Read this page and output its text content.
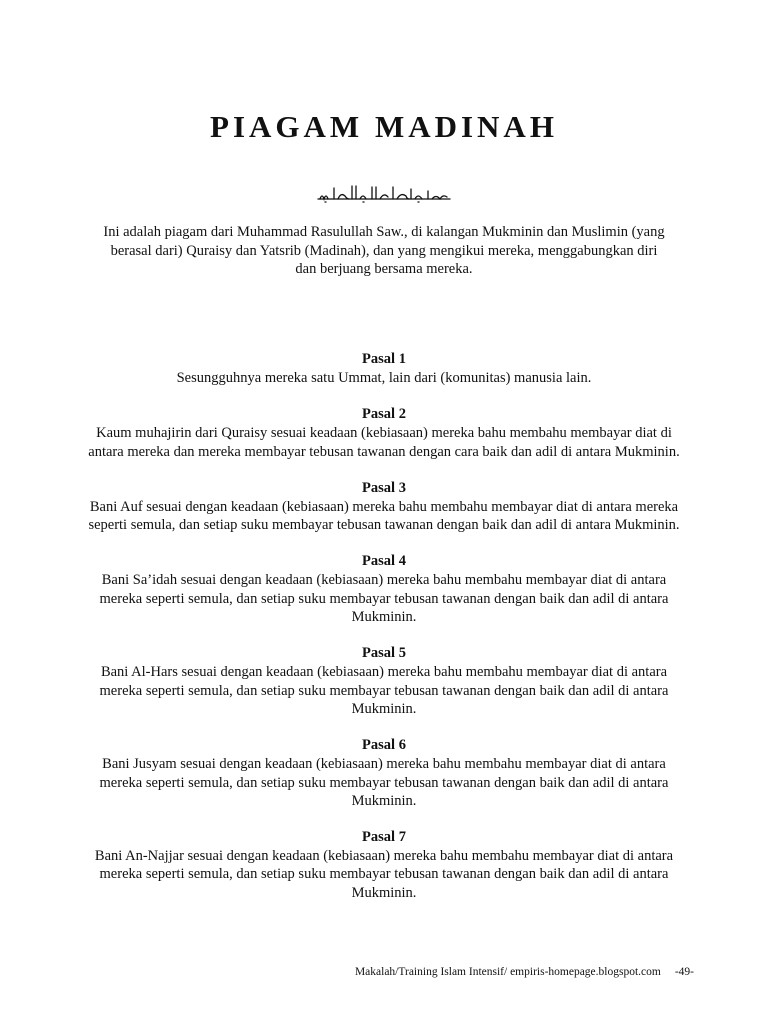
PIAGAM MADINAH

Ini adalah piagam dari Muhammad Rasulullah Saw., di kalangan Mukminin dan Muslimin (yang berasal dari) Quraisy dan Yatsrib (Madinah), dan yang mengikui mereka, menggabungkan diri dan berjuang bersama mereka.

Pasal 1

Sesungguhnya mereka satu Ummat, lain dari (komunitas) manusia lain.

Pasal 2

Kaum muhajirin dari Quraisy sesuai keadaan (kebiasaan) mereka bahu membahu membayar diat di antara mereka dan mereka membayar tebusan tawanan dengan cara baik dan adil di antara Mukminin.

Pasal 3

Bani Auf sesuai dengan keadaan (kebiasaan) mereka bahu membahu membayar diat di antara mereka seperti semula, dan setiap suku membayar tebusan tawanan dengan baik dan adil di antara Mukminin.

Pasal 4

Bani Sa’idah sesuai dengan keadaan (kebiasaan) mereka bahu membahu membayar diat di antara mereka seperti semula, dan setiap suku membayar tebusan tawanan dengan baik dan adil di antara Mukminin.

Pasal 5

Bani Al-Hars sesuai dengan keadaan (kebiasaan) mereka bahu membahu membayar diat di antara mereka seperti semula, dan setiap suku membayar tebusan tawanan dengan baik dan adil di antara Mukminin.

Pasal 6

Bani Jusyam sesuai dengan keadaan (kebiasaan) mereka bahu membahu membayar diat di antara mereka seperti semula, dan setiap suku membayar tebusan tawanan dengan baik dan adil di antara Mukminin.

Pasal 7

Bani An-Najjar sesuai dengan keadaan (kebiasaan) mereka bahu membahu membayar diat di antara mereka seperti semula, dan setiap suku membayar tebusan tawanan dengan baik dan adil di antara Mukminin.

Makalah/Training Islam Intensif/ empiris-homepage.blogspot.com -49-
